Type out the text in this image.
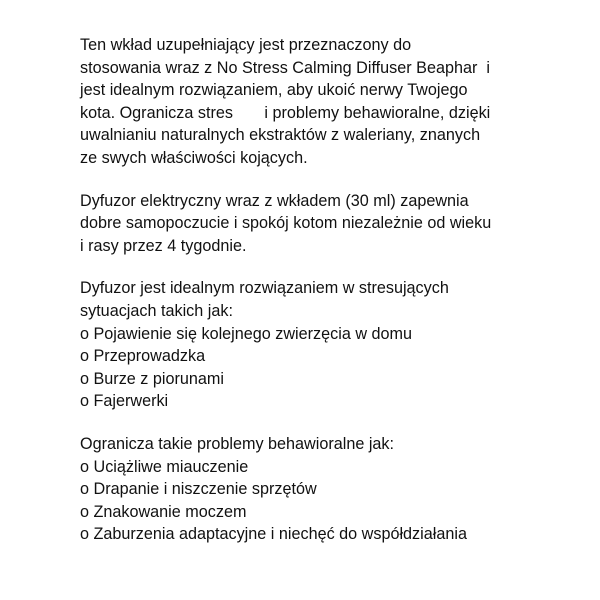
Ten wkład uzupełniający jest przeznaczony do
stosowania wraz z No Stress Calming Diffuser Beaphar  i
jest idealnym rozwiązaniem, aby ukoić nerwy Twojego
kota. Ogranicza stres       i problemy behawioralne, dzięki
uwalnianiu naturalnych ekstraktów z waleriany, znanych
ze swych właściwości kojących.

Dyfuzor elektryczny wraz z wkładem (30 ml) zapewnia
dobre samopoczucie i spokój kotom niezależnie od wieku
i rasy przez 4 tygodnie.

Dyfuzor jest idealnym rozwiązaniem w stresujących
sytuacjach takich jak:
o Pojawienie się kolejnego zwierzęcia w domu
o Przeprowadzka
o Burze z piorunami
o Fajerwerki
Ogranicza takie problemy behawioralne jak:
o Uciążliwe miauczenie
o Drapanie i niszczenie sprzętów
o Znakowanie moczem
o Zaburzenia adaptacyjne i niechęć do współdziałania
